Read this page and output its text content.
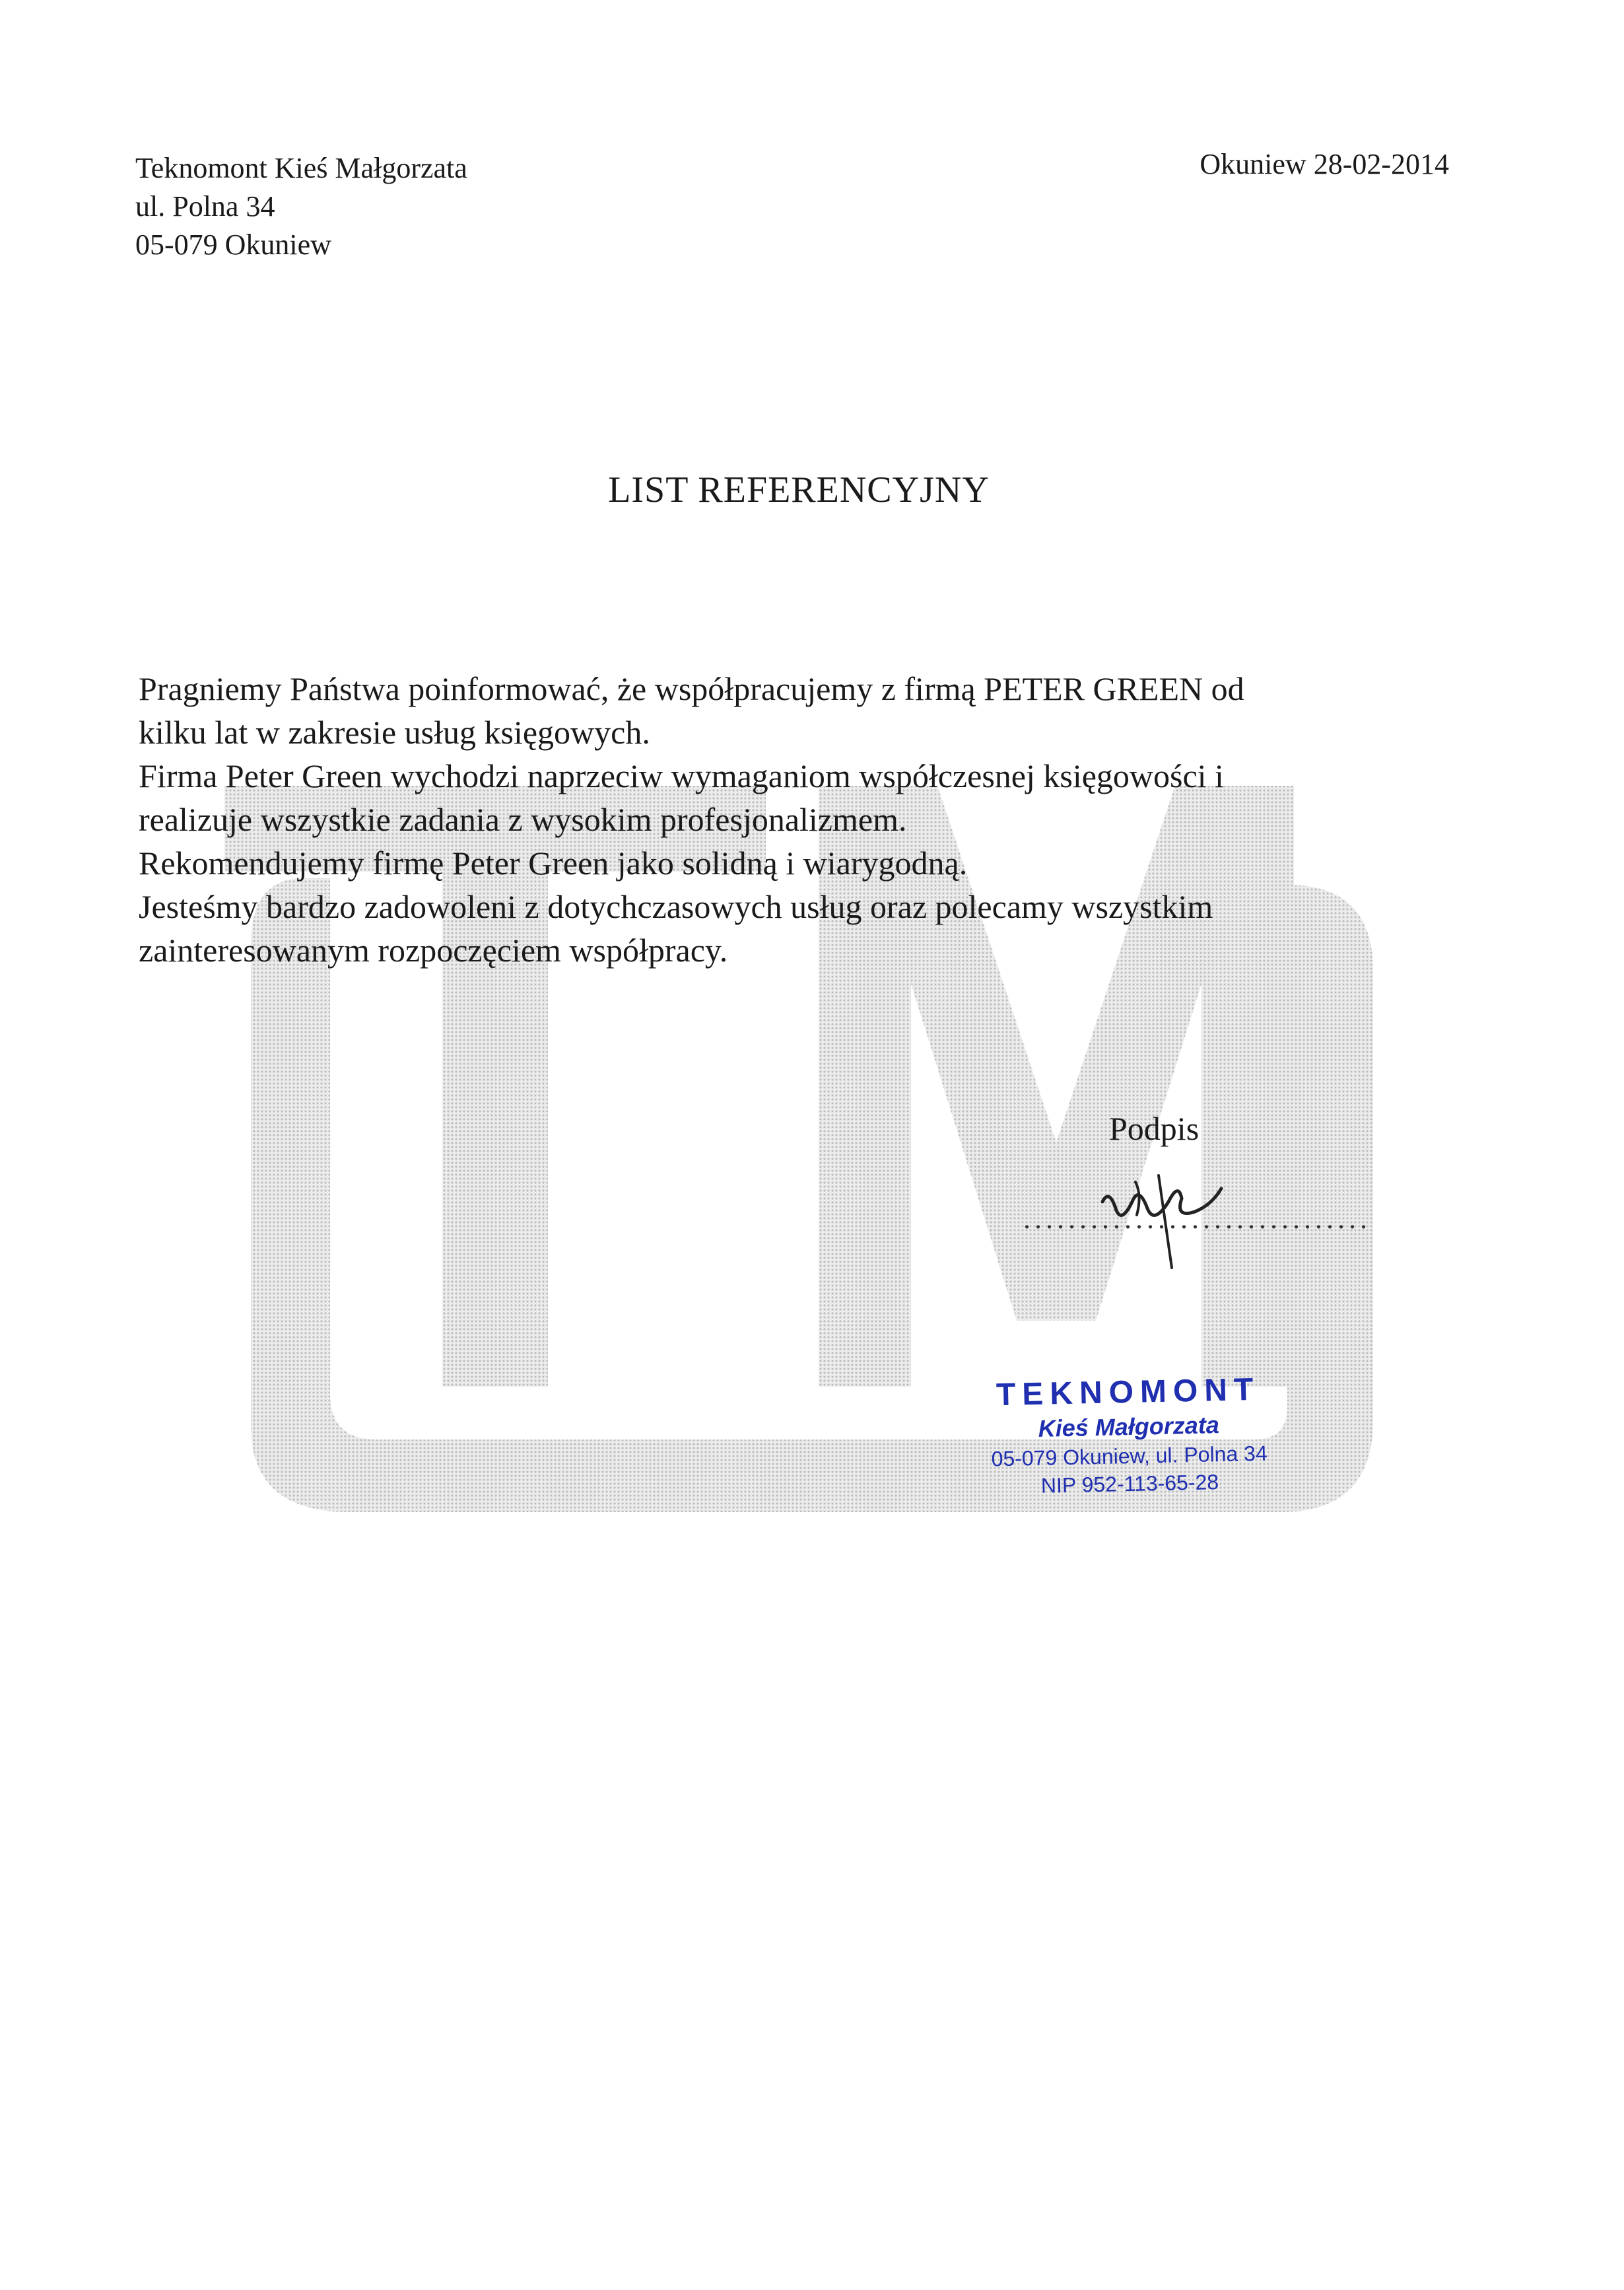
Teknomont Kieś Małgorzata
ul. Polna 34
05-079 Okuniew
Okuniew 28-02-2014
LIST REFERENCYJNY
Pragniemy Państwa poinformować, że współpracujemy z firmą PETER GREEN od
kilku lat w zakresie usług księgowych.
Firma Peter Green wychodzi naprzeciw wymaganiom współczesnej księgowości i
realizuje wszystkie zadania z wysokim profesjonalizmem.
Rekomendujemy firmę Peter Green jako solidną i wiarygodną.
Jesteśmy bardzo zadowoleni z dotychczasowych usług oraz polecamy wszystkim
zainteresowanym rozpoczęciem współpracy.
Podpis
...............................
TEKNOMONT
Kieś Małgorzata
05-079 Okuniew, ul. Polna 34
NIP 952-113-65-28
